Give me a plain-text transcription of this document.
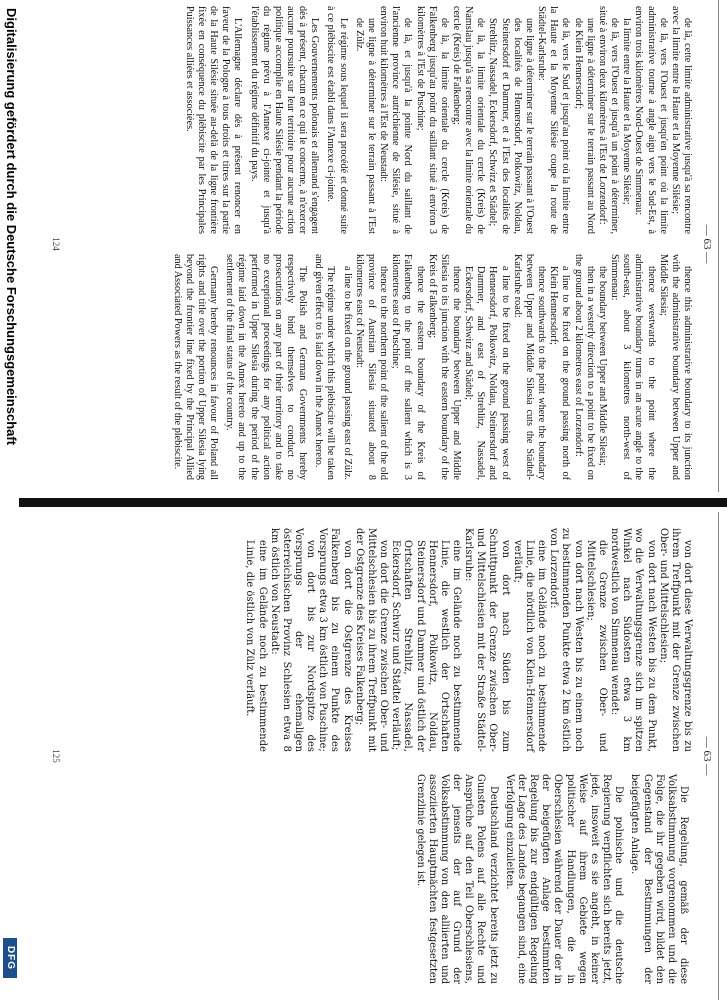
— 63 —

de là, cette limite administrative jusqu'à sa rencontre avec la limite entre la Haute et la Moyenne Silésie;

de là, vers l'Ouest et jusqu'en point où la limite administrative tourne à angle aigu vers le Sud-Est, à environ trois kilomètres Nord-Ouest de Simmenau:

la limite entre la Haute et la Moyenne Silésie;

de là, vers l'Ouest et jusqu'à un point à déterminer, situé à environ deux kilomètres à l'Est de Lorzendorf:

une ligne à déterminer sur le terrain passant au Nord de Klein Hennersdorf;

de là, vers le Sud et jusqu'au point où la limite entre la Haute et la Moyenne Silésie coupe la route de Städtel-Karlsruhe:

une ligne à déterminer sur le terrain passant à l'Ouest des localités de Hennersdorf, Polkowitz, Noldau, Steinersdorf et Dammer, et à l'Est des localités de Strehlitz, Nassadel, Eckersdorf, Schwirz et Städtel;

de là, la limite orientale du cercle (Kreis) de Namslau jusqu'à sa rencontre avec la limite orientale du cercle (Kreis) de Falkenberg;

de là, la limite orientale du cercle (Kreis) de Falkenberg jusqu'au point du saillant situé à environ 3 kilomètres à l'Est de Puschine;

de là, et jusqu'à la pointe Nord du saillant de l'ancienne province autrichienne de Silésie, situé à environ huit kilomètres à l'Est de Neustadt:

une ligne à déterminer sur le terrain passant à l'Est de Zülz.

Le régime sous lequel il sera procédé et donné suite à ce plébiscite est établi dans l'Annexe ci-jointe.

Les Gouvernements polonais et allemand s'engagent dès à présent, chacun en ce qui le concerne, à n'exercer aucune poursuite sur leur territoire pour aucune action politique accomplie en Haute Silésie pendant la période du régime prévu à l'Annexe ci-jointe et jusqu'à l'établissement du régime définitif du pays.

L'Allemagne déclare dès à présent renoncer en faveur de la Pologne à tous droits et titres sur la partie de la Haute Silésie située au-delà de la ligne frontière fixée en conséquence du plébiscite par les Principales Puissances alliées et associées.

thence this administrative boundary to its junction with the administrative boundary between Upper and Middle Silesia;

thence westwards to the point where the administrative boundary turns in an acute angle to the south-east, about 3 kilometres north-west of Simmenau:

the boundary between Upper and Middle Silesia;

then in a westerly direction to a point to be fixed on the ground about 2 kilometres east of Lorzendorf:

a line to be fixed on the ground passing north of Klein Hennersdorf;

thence southwards to the point where the boundary between Upper and Middle Silesia cuts the Städtel-Karlsruhe road:

a line to be fixed on the ground passing west of Hennersdorf, Polkowitz, Noldau, Steinersdorf and Dammer, and east of Strehlitz, Nassadel, Eckersdorf, Schwirz and Städtel;

thence the boundary between Upper and Middle Silesia to its junction with the eastern boundary of the Kreis of Falkenberg;

thence the eastern boundary of the Kreis of Falkenberg to the point of the salient which is 3 kilometres east of Puschine;

thence to the northern point of the salient of the old province of Austrian Silesia situated about 8 kilometres east of Neustadt:

a line to be fixed on the ground passing east of Zülz.

The régime under which this plebiscite will be taken and given effect to is laid down in the Annex hereto.

The Polish and German Governments hereby respectively bind themselves to conduct no prosecutions on any part of their territory and to take no exceptional proceedings for any political action performed in Upper Silesia during the period of the régime laid down in the Annex hereto and up to the settlement of the final status of the country.

Germany hereby renounces in favour of Poland all rights and title over the portion of Upper Silesia lying beyond the frontier line fixed by the Principal Allied and Associated Powers as the result of the plebiscite.

124
— 63 —

von dort diese Verwaltungsgrenze bis zu ihrem Treffpunkt mit der Grenze zwischen Ober- und Mittelschlesien;

von dort nach Westen bis zu dem Punkt, wo die Verwaltungsgrenze sich im spitzen Winkel nach Südosten etwa 3 km nordwestlich von Simmenau wendet:

die Grenze zwischen Ober- und Mittelschlesien;

von dort nach Westen bis zu einem noch zu bestimmenden Punkte etwa 2 km östlich von Lorzendorf:

eine im Gelände noch zu bestimmende Linie, die nördlich von Klein-Hennersdorf verläuft;

von dort nach Süden bis zum Schnittpunkt der Grenze zwischen Ober- und Mittelschlesien mit der Straße Städtel-Karlsruhe:

eine im Gelände noch zu bestimmende Linie, die westlich der Ortschaften Hennersdorf, Polkowitz, Noldau, Steinersdorf und Dammer und östlich der Ortschaften Strehlitz, Nassadel, Eckersdorf, Schwirz und Städtel verläuft;

von dort die Grenze zwischen Ober- und Mittelschlesien bis zu ihrem Treffpunkt mit der Ostgrenze des Kreises Falkenberg;

von dort die Ostgrenze des Kreises Falkenberg bis zu einem Punkte des Vorsprungs etwa 3 km östlich von Puschine;

von dort bis zur Nordspitze des Vorsprungs der ehemaligen österreichischen Provinz Schlesien etwa 8 km östlich von Neustadt:

eine im Gelände noch zu bestimmende Linie, die östlich von Zülz verläuft.

Die Regelung, gemäß der diese Volksabstimmung vorgenommen und die Folge, die ihr gegeben wird, bildet den Gegenstand der Bestimmungen der beigefügten Anlage.

Die polnische und die deutsche Regierung verpflichten sich bereits jetzt, jede, insoweit es sie angeht, in keiner Weise auf ihrem Gebiete wegen politischer Handlungen, die in Oberschlesien während der Dauer der in der beigefügten Anlage bestimmten Regelung bis zur endgültigen Regelung der Lage des Landes begangen sind, eine Verfolgung einzuleiten.

Deutschland verzichtet bereits jetzt zu Gunsten Polens auf alle Rechte und Ansprüche auf den Teil Oberschlesiens, der jenseits der auf Grund der Volksabstimmung von den alliierten und assoziierten Hauptmächten festgesetzten Grenzlinie gelegen ist.

125
Digitalisierung gefördert durch die Deutsche Forschungsgemeinschaft
DFG
